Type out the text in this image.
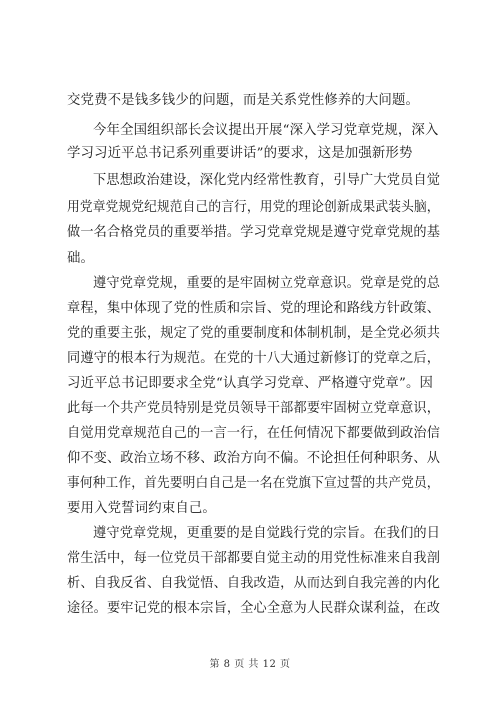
交党费不是钱多钱少的问题，而是关系党性修养的大问题。
今年全国组织部长会议提出开展“深入学习党章党规，深入
学习习近平总书记系列重要讲话”的要求，这是加强新形势
下思想政治建设，深化党内经常性教育，引导广大党员自觉
用党章党规党纪规范自己的言行，用党的理论创新成果武装头脑，
做一名合格党员的重要举措。学习党章党规是遵守党章党规的基
础。
遵守党章党规，重要的是牢固树立党章意识。党章是党的总
章程，集中体现了党的性质和宗旨、党的理论和路线方针政策、
党的重要主张，规定了党的重要制度和体制机制，是全党必须共
同遵守的根本行为规范。在党的十八大通过新修订的党章之后，
习近平总书记即要求全党“认真学习党章、严格遵守党章”。因
此每一个共产党员特别是党员领导干部都要牢固树立党章意识，
自觉用党章规范自己的一言一行，在任何情况下都要做到政治信
仰不变、政治立场不移、政治方向不偏。不论担任何种职务、从
事何种工作，首先要明白自己是一名在党旗下宣过誓的共产党员，
要用入党誓词约束自己。
遵守党章党规，更重要的是自觉践行党的宗旨。在我们的日
常生活中，每一位党员干部都要自觉主动的用党性标准来自我剖
析、自我反省、自我觉悟、自我改造，从而达到自我完善的内化
途径。要牢记党的根本宗旨，全心全意为人民群众谋利益，在改
第 8 页 共 12 页
